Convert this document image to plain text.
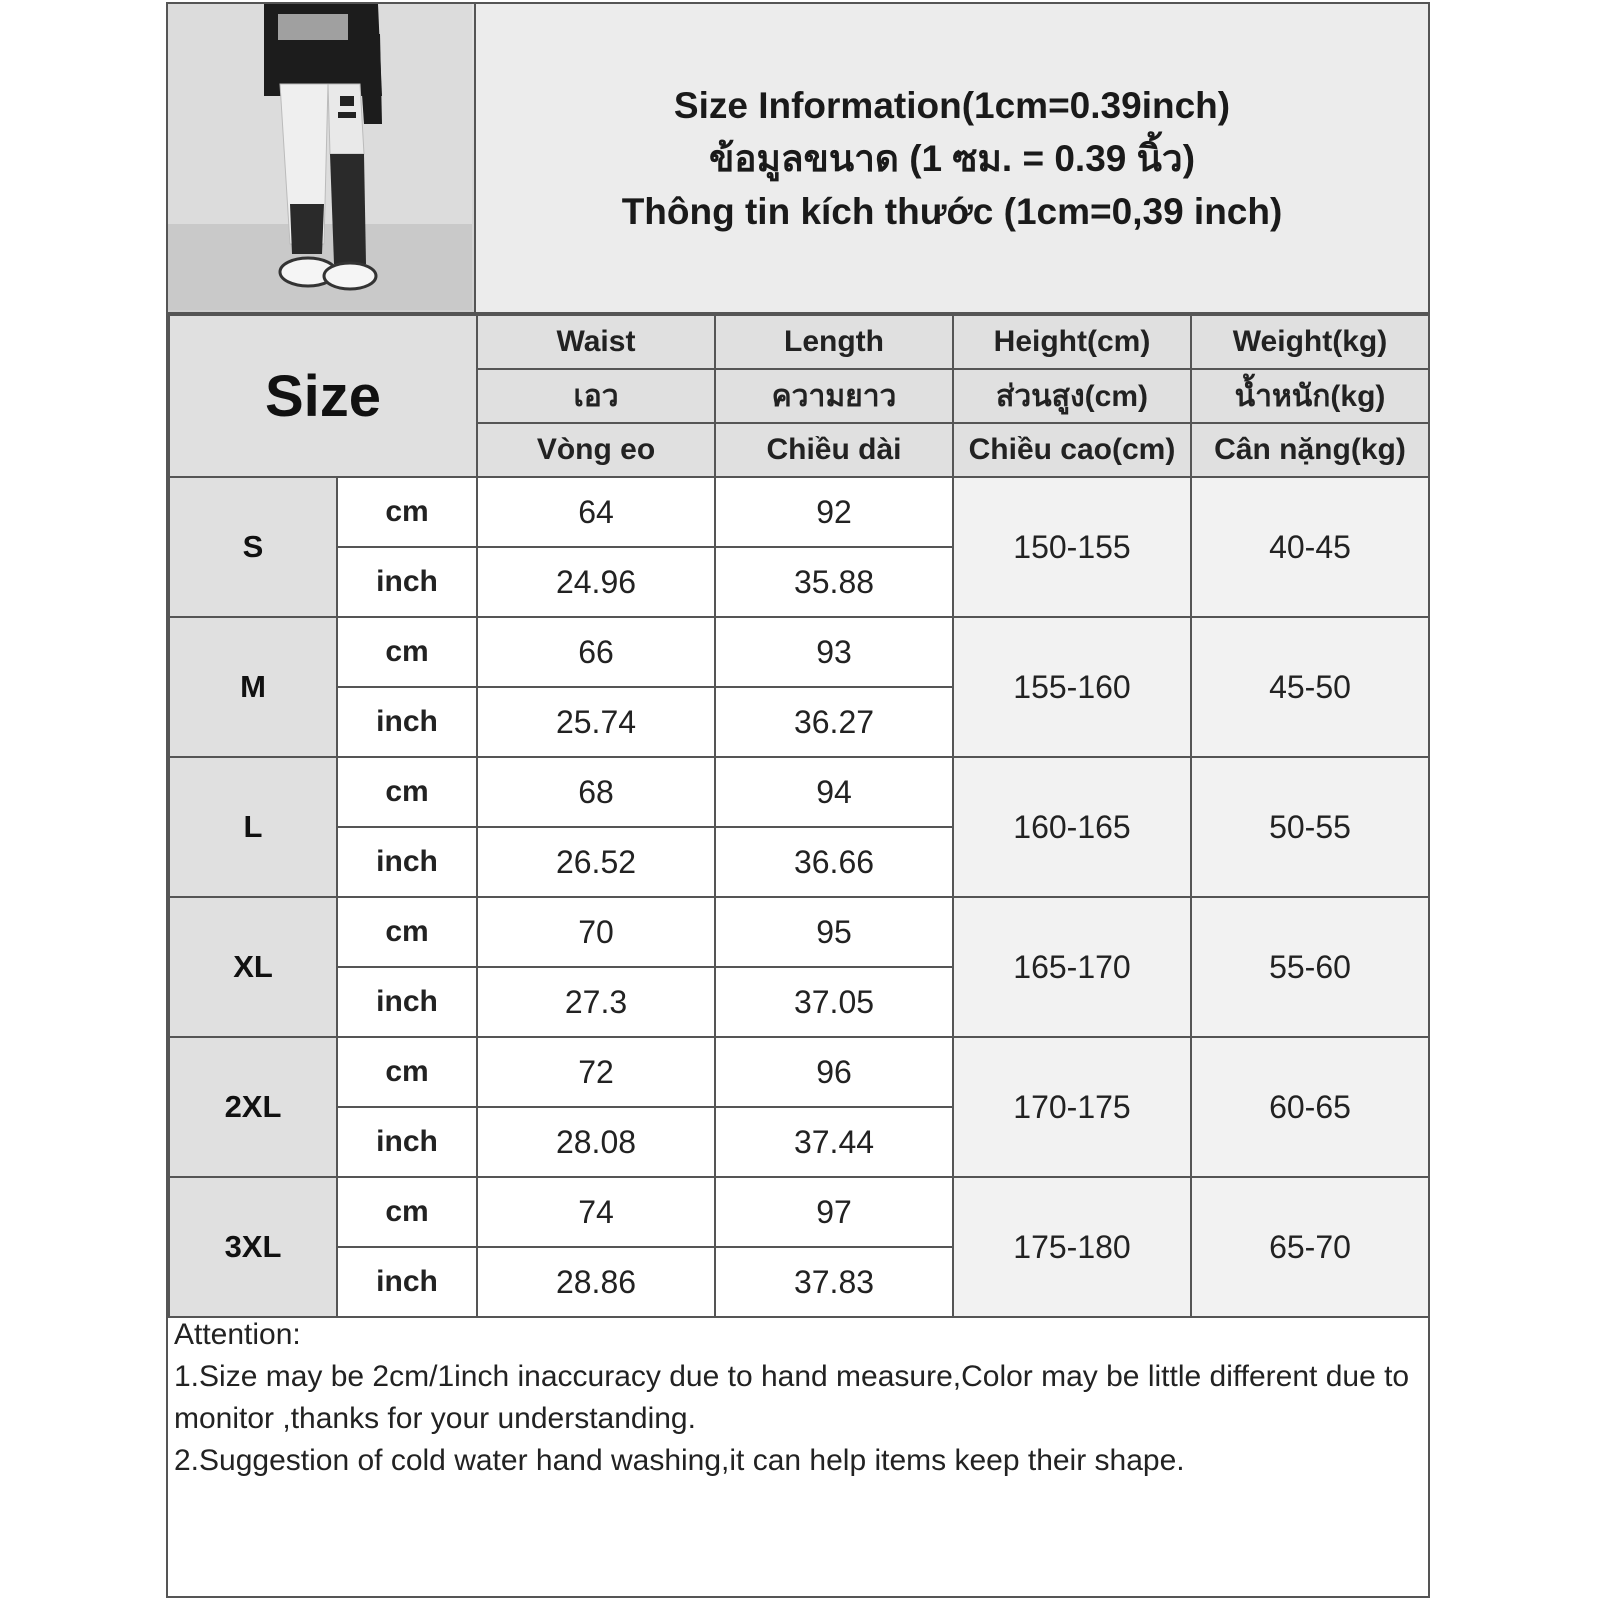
Size Information(1cm=0.39inch)
ข้อมูลขนาด (1 ซม. = 0.39 นิ้ว)
Thông tin kích thước (1cm=0,39 inch)
Size		Waist	Length	Height(cm)	Weight(kg)
		เอว	ความยาว	ส่วนสูง(cm)	น้ำหนัก(kg)
		Vòng eo	Chiều dài	Chiều cao(cm)	Cân nặng(kg)
S	cm	64	92	150-155	40-45
	inch	24.96	35.88		
M	cm	66	93	155-160	45-50
	inch	25.74	36.27		
L	cm	68	94	160-165	50-55
	inch	26.52	36.66		
XL	cm	70	95	165-170	55-60
	inch	27.3	37.05		
2XL	cm	72	96	170-175	60-65
	inch	28.08	37.44		
3XL	cm	74	97	175-180	65-70
	inch	28.86	37.83		
Attention:
1.Size may be 2cm/1inch inaccuracy due to hand measure,Color may be little different due to monitor ,thanks for your understanding.
2.Suggestion of cold water hand washing,it can help items keep their shape.
